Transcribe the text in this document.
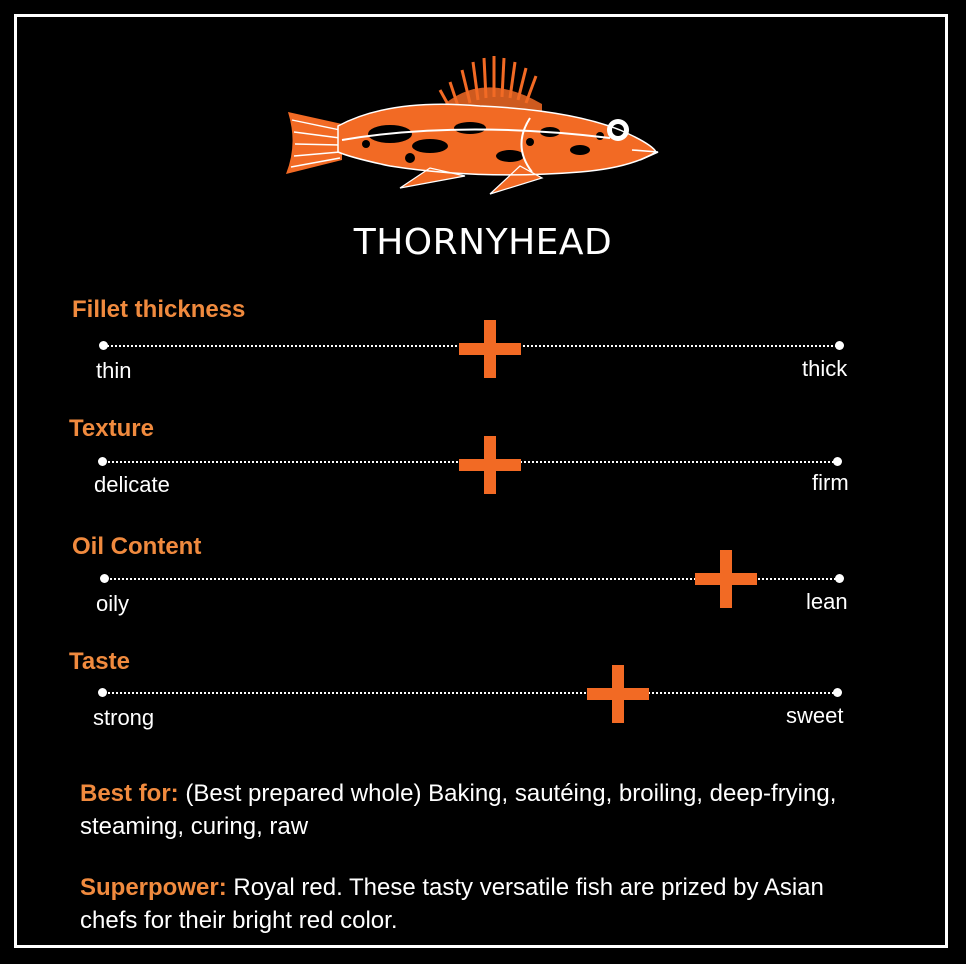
THORNYHEAD
Fillet thickness
thin	thick
Texture
delicate	firm
Oil Content
oily	lean
Taste
strong	sweet
Best for: (Best prepared whole) Baking, sautéing, broiling, deep-frying, steaming, curing, raw
Superpower: Royal red. These tasty versatile fish are prized by Asian chefs for their bright red color.
